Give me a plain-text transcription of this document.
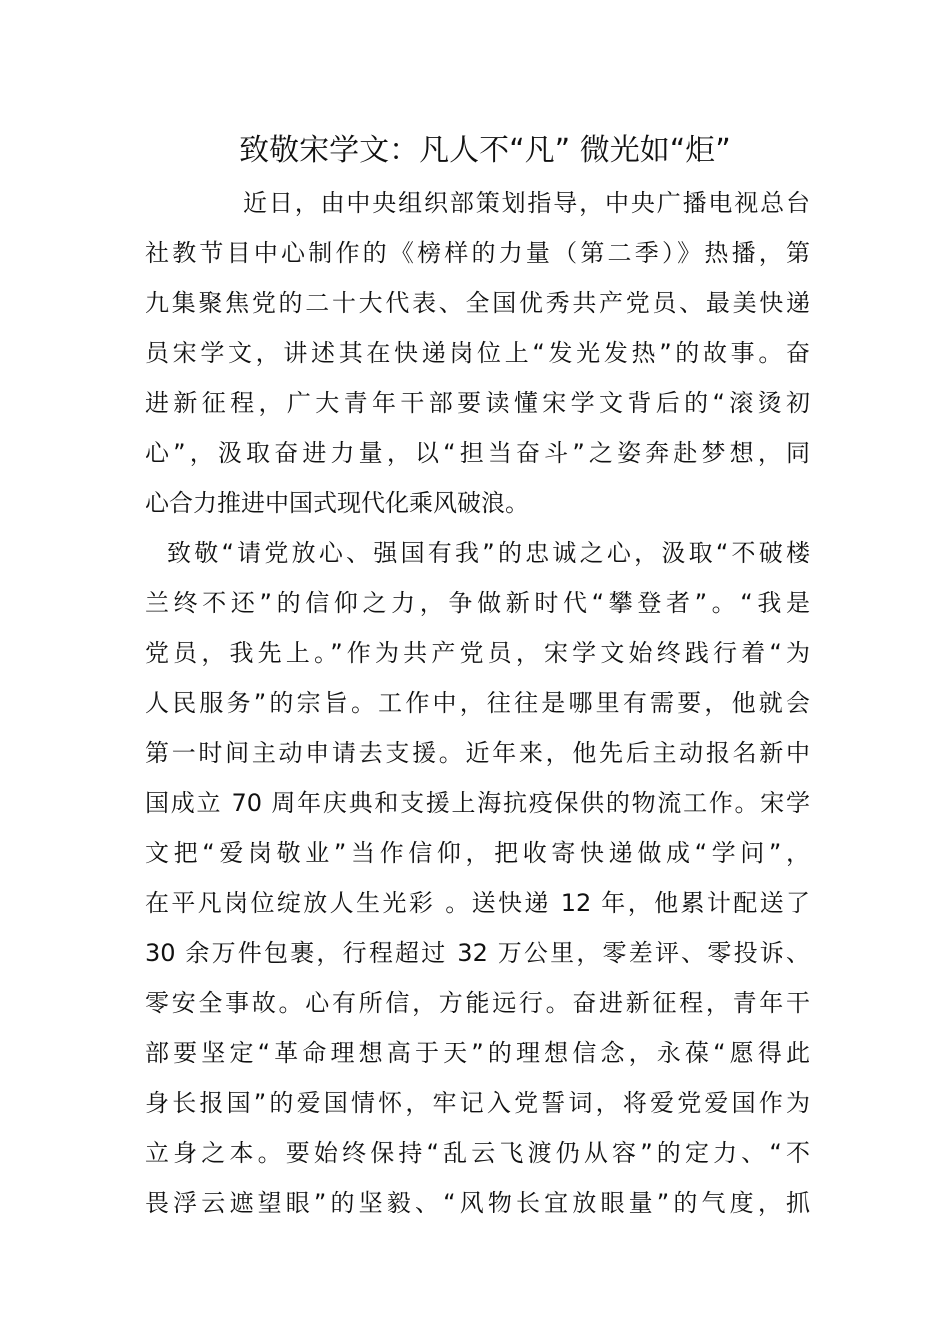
致敬宋学文：凡人不“凡” 微光如“炬”
近日，由中央组织部策划指导，中央广播电视总台
社教节目中心制作的《榜样的力量（第二季）》热播，第
九集聚焦党的二十大代表、全国优秀共产党员、最美快递
员宋学文，讲述其在快递岗位上“发光发热”的故事。奋
进新征程，广大青年干部要读懂宋学文背后的“滚烫初
心”，汲取奋进力量，以“担当奋斗”之姿奔赴梦想，同
心合力推进中国式现代化乘风破浪。
致敬“请党放心、强国有我”的忠诚之心，汲取“不破楼
兰终不还”的信仰之力，争做新时代“攀登者”。“我是
党员，我先上。”作为共产党员，宋学文始终践行着“为
人民服务”的宗旨。工作中，往往是哪里有需要，他就会
第一时间主动申请去支援。近年来，他先后主动报名新中
国成立 70 周年庆典和支援上海抗疫保供的物流工作。宋学
文把“爱岗敬业”当作信仰，把收寄快递做成“学问”，
在平凡岗位绽放人生光彩 。送快递 12 年，他累计配送了
30 余万件包裹，行程超过 32 万公里，零差评、零投诉、
零安全事故。心有所信，方能远行。奋进新征程，青年干
部要坚定“革命理想高于天”的理想信念，永葆“愿得此
身长报国”的爱国情怀，牢记入党誓词，将爱党爱国作为
立身之本。要始终保持“乱云飞渡仍从容”的定力、“不
畏浮云遮望眼”的坚毅、“风物长宜放眼量”的气度，抓
